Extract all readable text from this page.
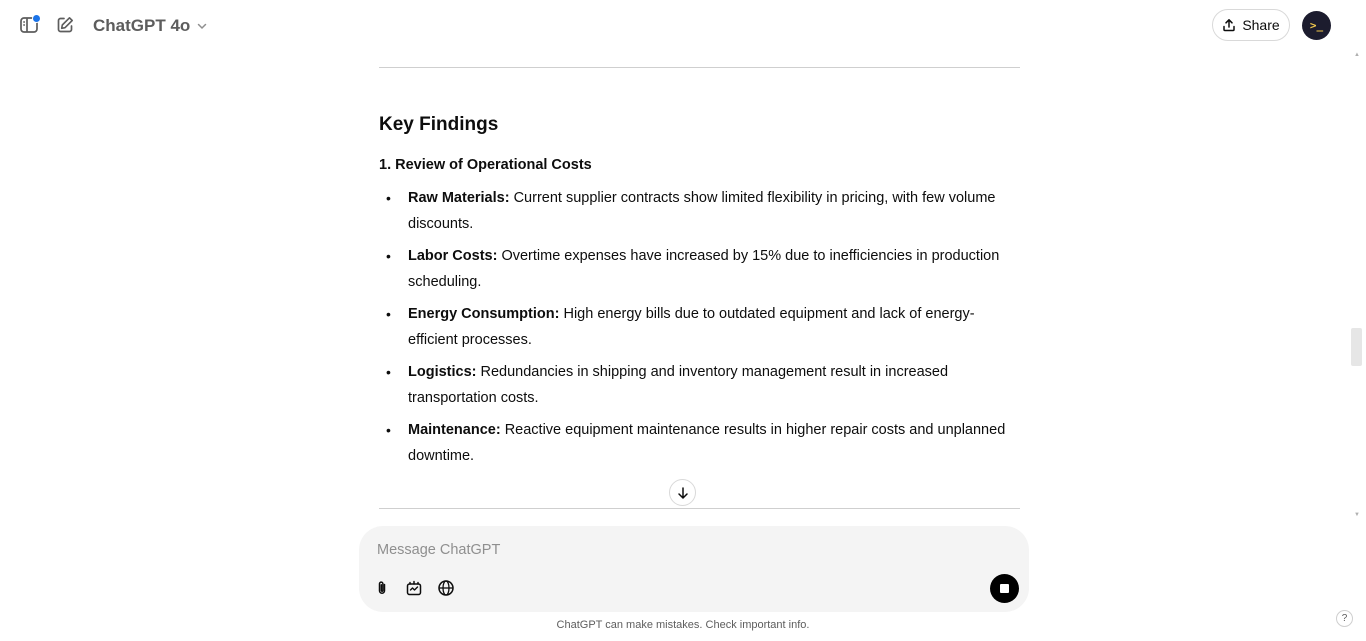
ChatGPT 4o	Share	>_
Key Findings
1. Review of Operational Costs
• Raw Materials: Current supplier contracts show limited flexibility in pricing, with few volume discounts.
• Labor Costs: Overtime expenses have increased by 15% due to inefficiencies in production scheduling.
• Energy Consumption: High energy bills due to outdated equipment and lack of energy-efficient processes.
• Logistics: Redundancies in shipping and inventory management result in increased transportation costs.
• Maintenance: Reactive equipment maintenance results in higher repair costs and unplanned downtime.
Message ChatGPT
ChatGPT can make mistakes. Check important info.
?
▲
▼
